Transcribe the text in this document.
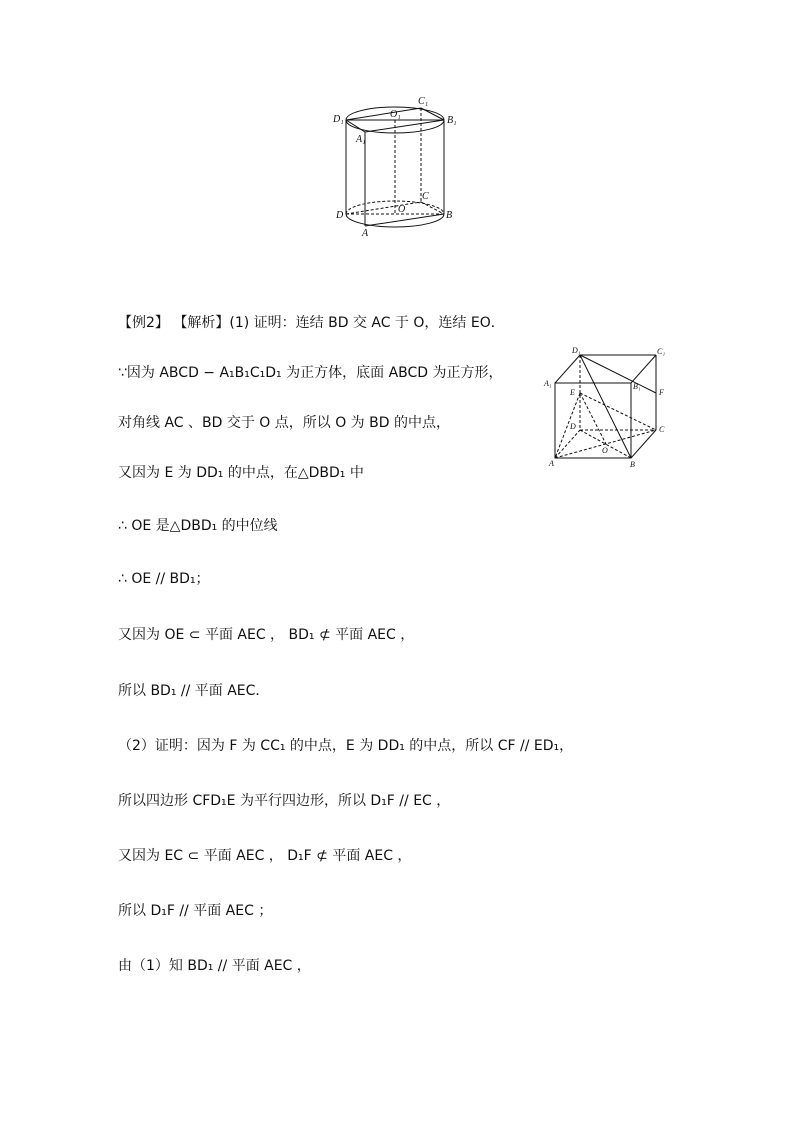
D₁	O₁
C₁
B₁
A₁
C
D
O
B
A
D₁	C₁
A₁
E
B₁
F
D	C
O
A	B
【例2】 【解析】(1) 证明：连结 BD 交 AC 于 O，连结 EO．
∵因为 ABCD − A₁B₁C₁D₁ 为正方体，底面 ABCD 为正方形，
对角线 AC 、BD 交于 O 点，所以 O 为 BD 的中点，
又因为 E 为 DD₁ 的中点，在△DBD₁ 中
∴ OE 是△DBD₁ 的中位线
∴ OE // BD₁；
又因为 OE ⊂ 平面 AEC ， BD₁ ⊄ 平面 AEC ，
所以 BD₁ // 平面 AEC．
（2）证明：因为 F 为 CC₁ 的中点，E 为 DD₁ 的中点，所以 CF // ED₁，
所以四边形 CFD₁E 为平行四边形，所以 D₁F // EC ，
又因为 EC ⊂ 平面 AEC ， D₁F ⊄ 平面 AEC ，
所以 D₁F // 平面 AEC ；
由（1）知 BD₁ // 平面 AEC ，
